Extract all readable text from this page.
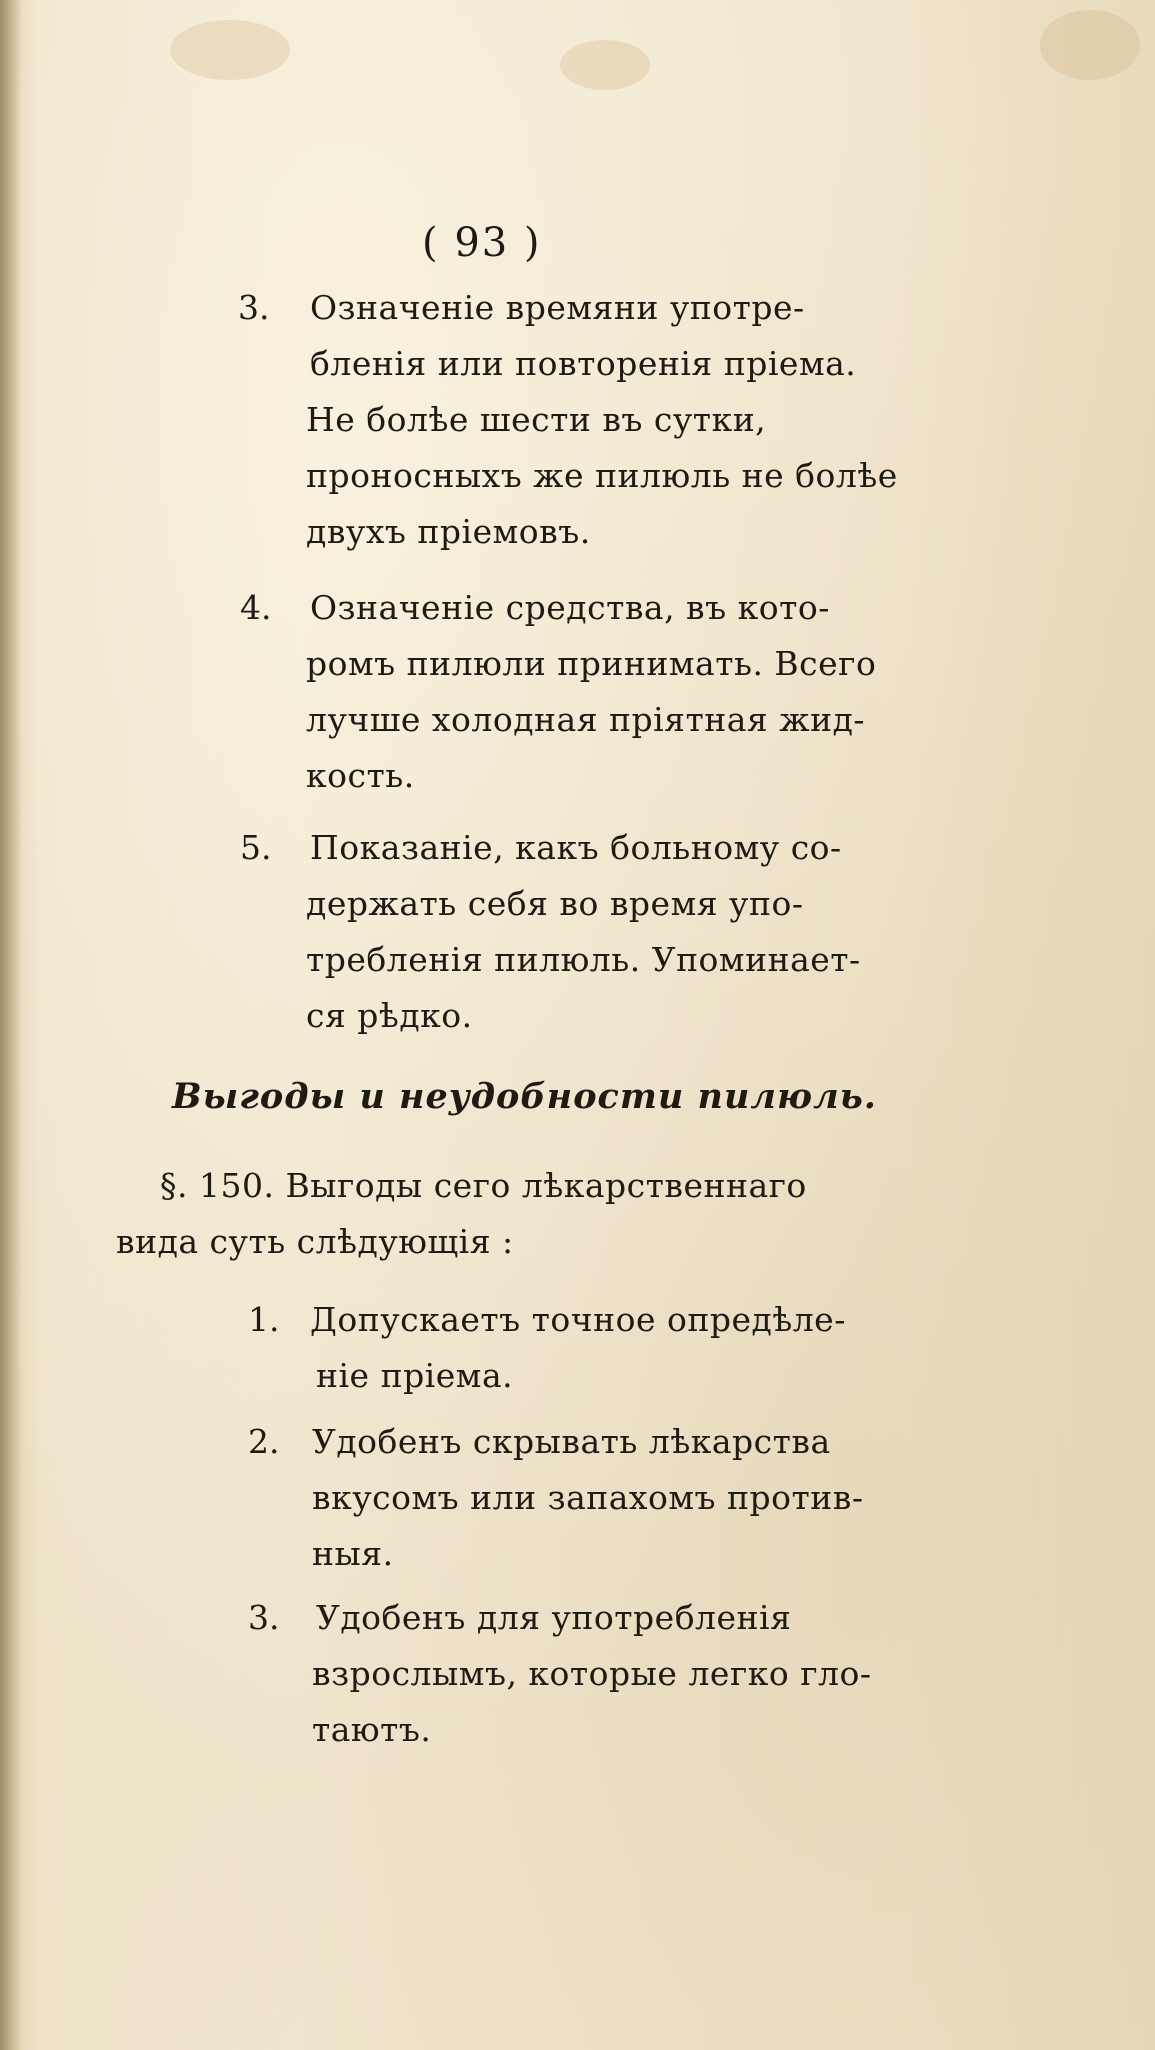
( 93 )
3. Означенiе времяни употре-
бленiя или повторенiя прiема.
Не болѣе шести въ сутки,
проносныхъ же пилюль не болѣе
двухъ прiемовъ.
4. Означенiе средства, въ кото-
ромъ пилюли принимать. Всего
лучше холодная прiятная жид-
кость.
5. Показанiе, какъ больному со-
держать себя во время упо-
требленiя пилюль. Упоминает-
ся рѣдко.
Выгоды и неудобности пилюль.
§. 150. Выгоды сего лѣкарственнаго
вида суть слѣдующiя :
1. Допускаетъ точное опредѣле-
нiе прiема.
2. Удобенъ скрывать лѣкарства
вкусомъ или запахомъ против-
ныя.
3. Удобенъ для употребленiя
взрослымъ, которые легко гло-
таютъ.
